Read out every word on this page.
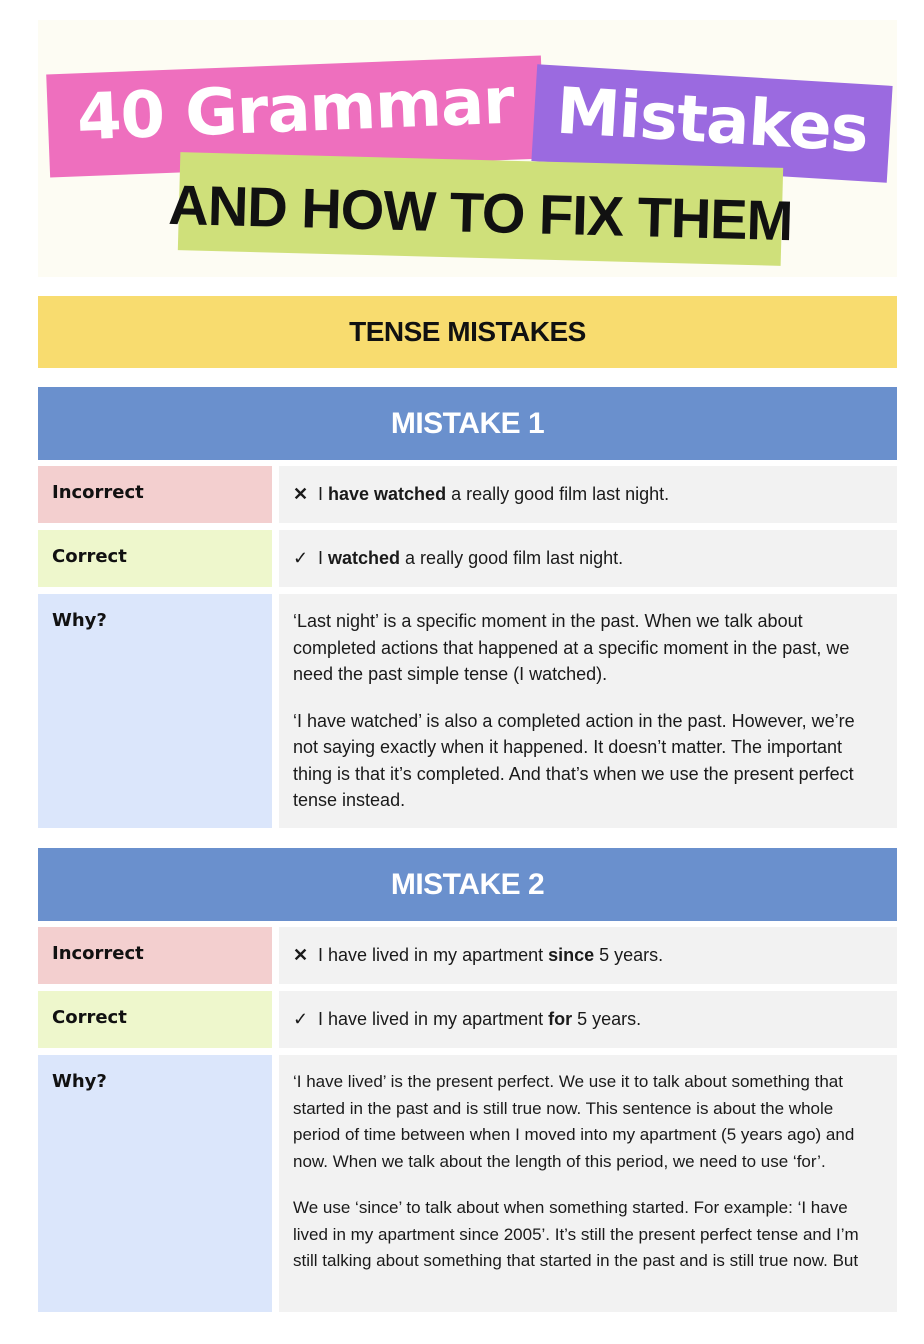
40 Grammar Mistakes
AND HOW TO FIX THEM
TENSE MISTAKES
MISTAKE 1
Incorrect	✕ I have watched a really good film last night.
Correct	✓ I watched a really good film last night.
Why?	‘Last night’ is a specific moment in the past. When we talk about completed actions that happened at a specific moment in the past, we need the past simple tense (I watched).

‘I have watched’ is also a completed action in the past. However, we’re not saying exactly when it happened. It doesn’t matter. The important thing is that it’s completed. And that’s when we use the present perfect tense instead.

MISTAKE 2
Incorrect	✕ I have lived in my apartment since 5 years.
Correct	✓ I have lived in my apartment for 5 years.
Why?	‘I have lived’ is the present perfect. We use it to talk about something that started in the past and is still true now. This sentence is about the whole period of time between when I moved into my apartment (5 years ago) and now. When we talk about the length of this period, we need to use ‘for’.

We use ‘since’ to talk about when something started. For example: ‘I have lived in my apartment since 2005’. It’s still the present perfect tense and I’m still talking about something that started in the past and is still true now. But
